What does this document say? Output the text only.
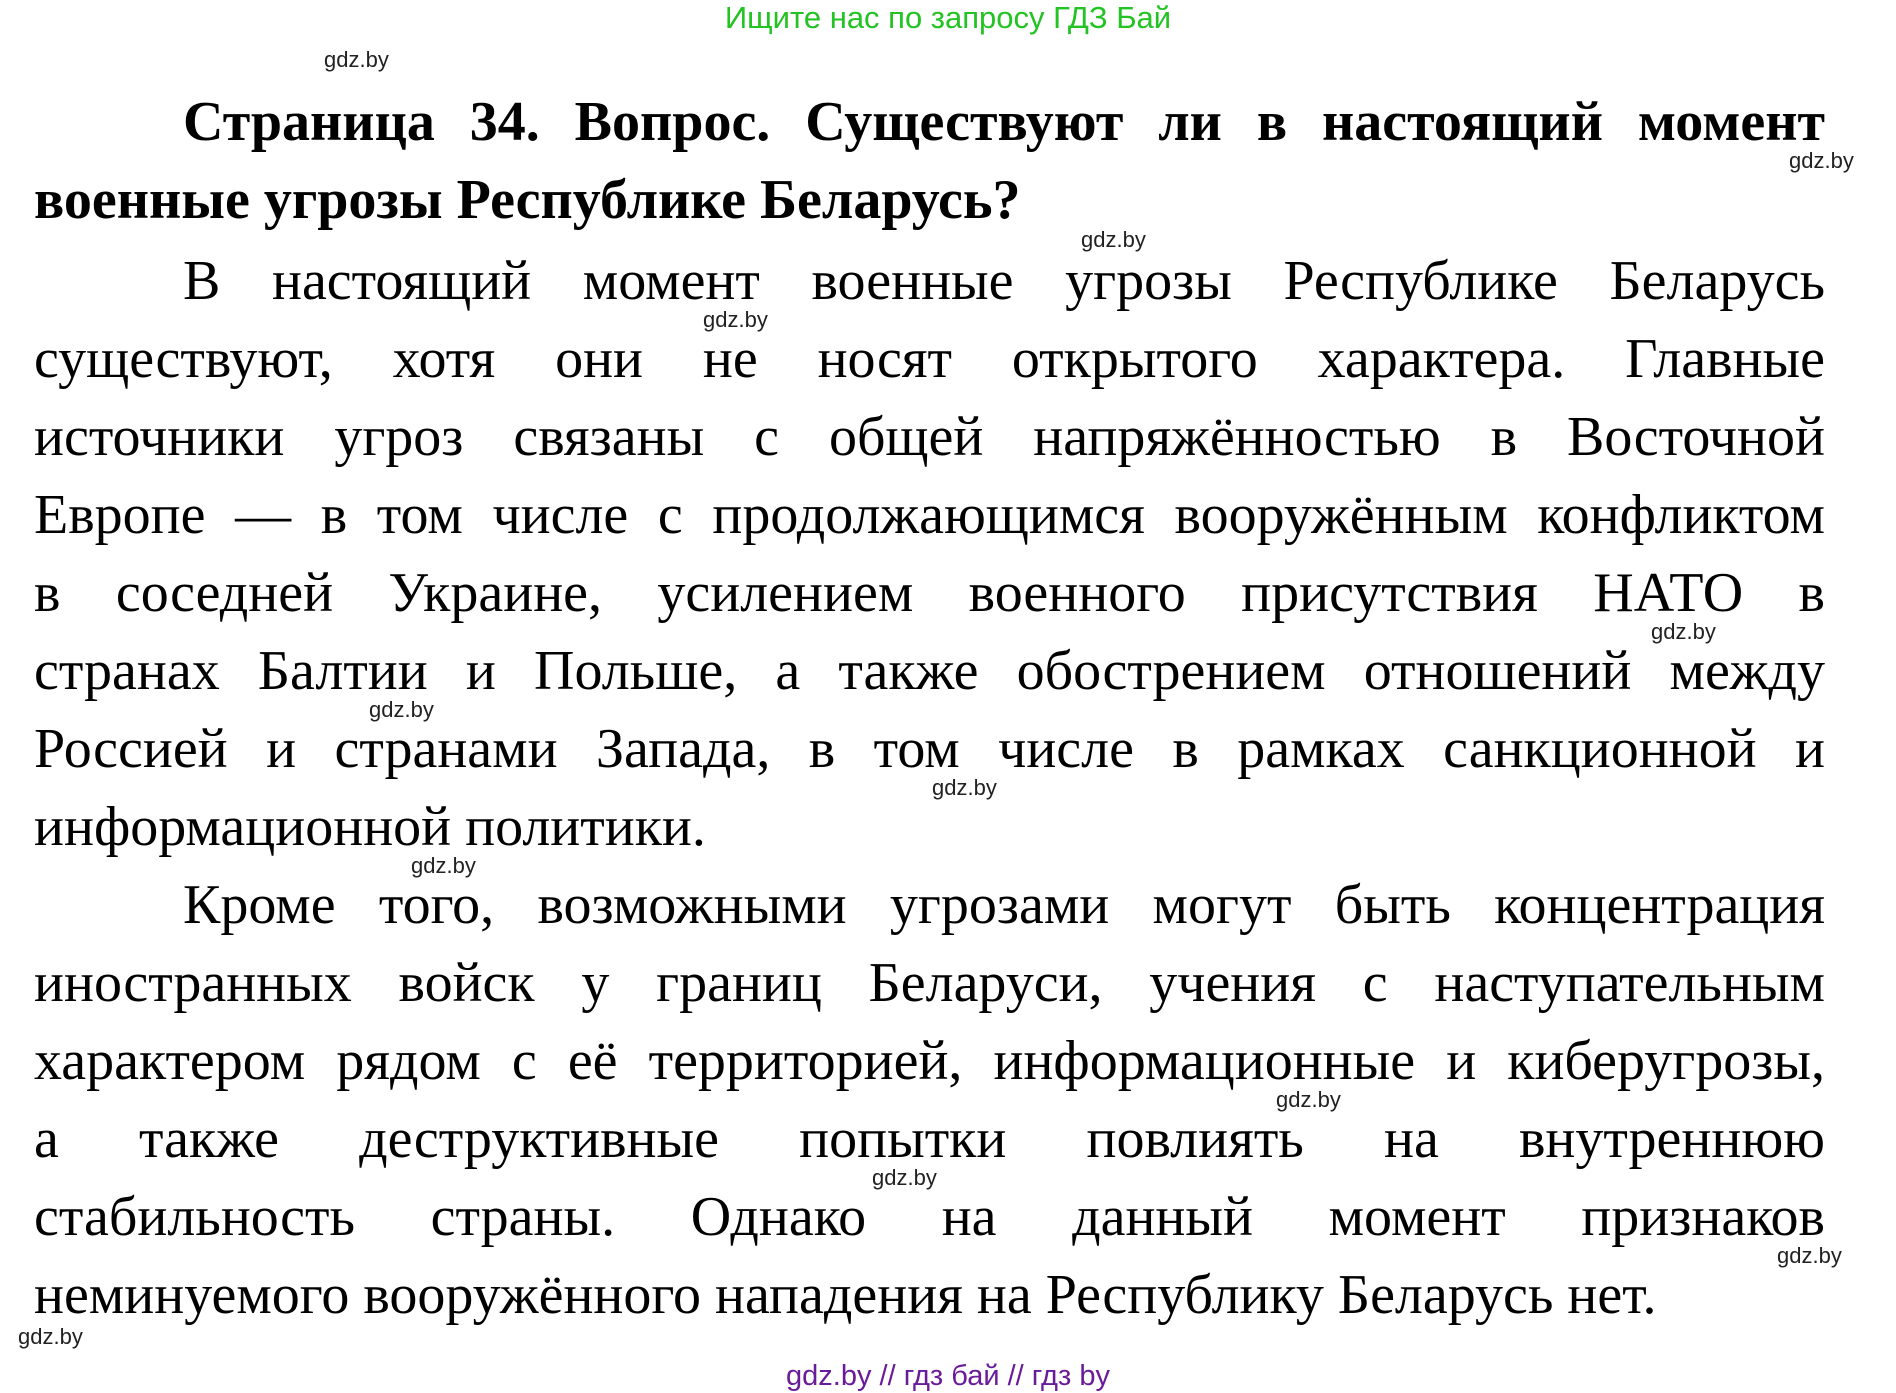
Ищите нас по запросу ГДЗ Бай
Страница 34. Вопрос. Существуют ли в настоящий момент
военные угрозы Республике Беларусь?
В настоящий момент военные угрозы Республике Беларусь
существуют, хотя они не носят открытого характера. Главные
источники угроз связаны с общей напряжённостью в Восточной
Европе — в том числе с продолжающимся вооружённым конфликтом
в соседней Украине, усилением военного присутствия НАТО в
странах Балтии и Польше, а также обострением отношений между
Россией и странами Запада, в том числе в рамках санкционной и
информационной политики.
Кроме того, возможными угрозами могут быть концентрация
иностранных войск у границ Беларуси, учения с наступательным
характером рядом с её территорией, информационные и киберугрозы,
а также деструктивные попытки повлиять на внутреннюю
стабильность страны. Однако на данный момент признаков
неминуемого вооружённого нападения на Республику Беларусь нет.
gdz.by
gdz.by
gdz.by
gdz.by
gdz.by
gdz.by
gdz.by
gdz.by
gdz.by
gdz.by
gdz.by
gdz.by
gdz.by // гдз бай // гдз by
